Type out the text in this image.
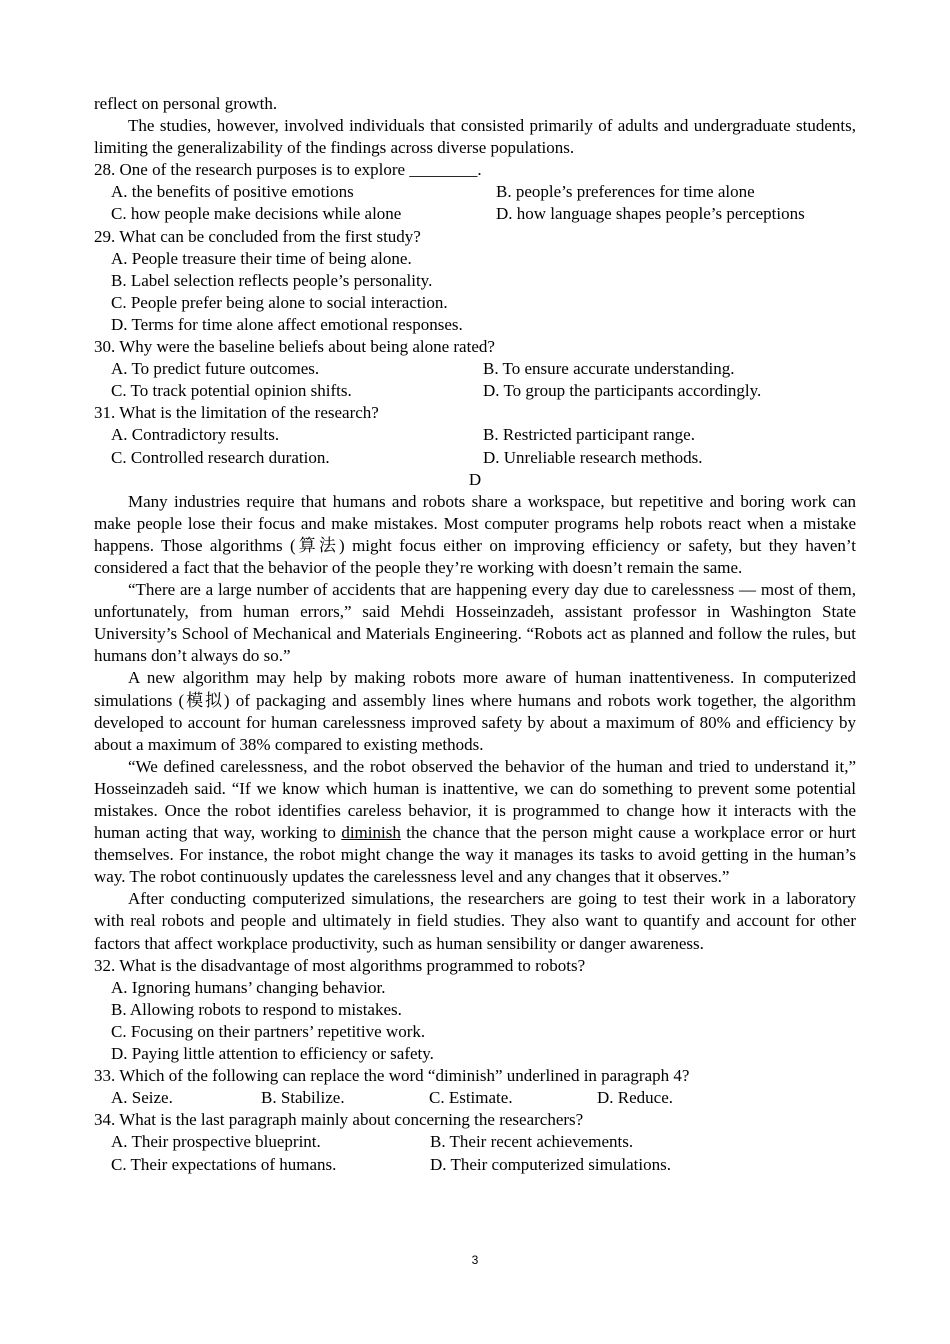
reflect on personal growth.

The studies, however, involved individuals that consisted primarily of adults and undergraduate students, limiting the generalizability of the findings across diverse populations.

28. One of the research purposes is to explore ________.

A. the benefits of positive emotions	B. people’s preferences for time alone
C. how people make decisions while alone	D. how language shapes people’s perceptions

29. What can be concluded from the first study?

A. People treasure their time of being alone.

B. Label selection reflects people’s personality.

C. People prefer being alone to social interaction.

D. Terms for time alone affect emotional responses.

30. Why were the baseline beliefs about being alone rated?

A. To predict future outcomes.	B. To ensure accurate understanding.
C. To track potential opinion shifts.	D. To group the participants accordingly.

31. What is the limitation of the research?

A. Contradictory results.	B. Restricted participant range.
C. Controlled research duration.	D. Unreliable research methods.

D

Many industries require that humans and robots share a workspace, but repetitive and boring work can make people lose their focus and make mistakes. Most computer programs help robots react when a mistake happens. Those algorithms (算法) might focus either on improving efficiency or safety, but they haven’t considered a fact that the behavior of the people they’re working with doesn’t remain the same.

“There are a large number of accidents that are happening every day due to carelessness — most of them, unfortunately, from human errors,” said Mehdi Hosseinzadeh, assistant professor in Washington State University’s School of Mechanical and Materials Engineering. “Robots act as planned and follow the rules, but humans don’t always do so.”

A new algorithm may help by making robots more aware of human inattentiveness. In computerized simulations (模拟) of packaging and assembly lines where humans and robots work together, the algorithm developed to account for human carelessness improved safety by about a maximum of 80% and efficiency by about a maximum of 38% compared to existing methods.

“We defined carelessness, and the robot observed the behavior of the human and tried to understand it,” Hosseinzadeh said. “If we know which human is inattentive, we can do something to prevent some potential mistakes. Once the robot identifies careless behavior, it is programmed to change how it interacts with the human acting that way, working to diminish the chance that the person might cause a workplace error or hurt themselves. For instance, the robot might change the way it manages its tasks to avoid getting in the human’s way. The robot continuously updates the carelessness level and any changes that it observes.”

After conducting computerized simulations, the researchers are going to test their work in a laboratory with real robots and people and ultimately in field studies. They also want to quantify and account for other factors that affect workplace productivity, such as human sensibility or danger awareness.

32. What is the disadvantage of most algorithms programmed to robots?

A. Ignoring humans’ changing behavior.

B. Allowing robots to respond to mistakes.

C. Focusing on their partners’ repetitive work.

D. Paying little attention to efficiency or safety.

33. Which of the following can replace the word “diminish” underlined in paragraph 4?

A. Seize.	B. Stabilize.	C. Estimate.	D. Reduce.

34. What is the last paragraph mainly about concerning the researchers?

A. Their prospective blueprint.	B. Their recent achievements.
C. Their expectations of humans.	D. Their computerized simulations.
3
